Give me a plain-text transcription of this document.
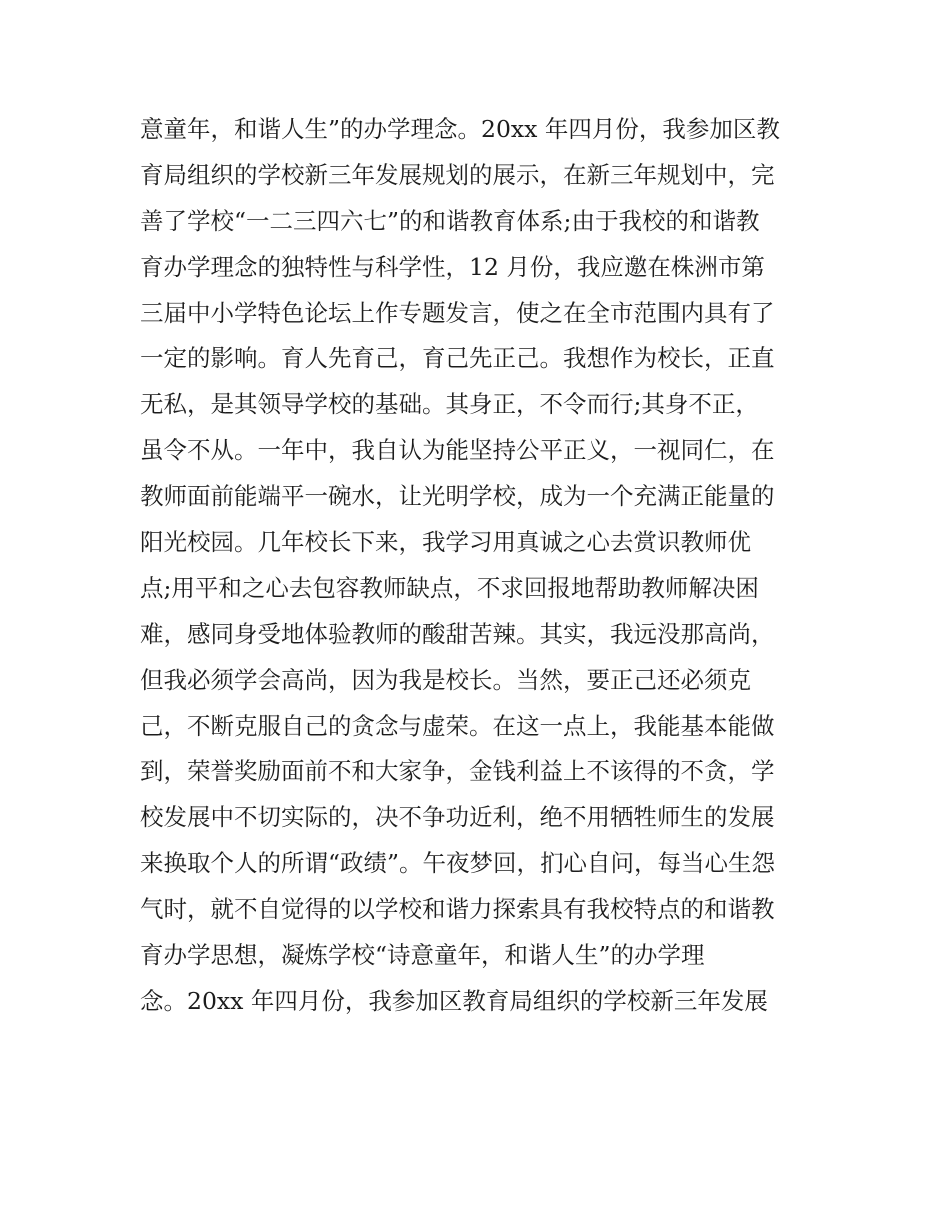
意童年，和谐人生”的办学理念。20xx 年四月份，我参加区教
育局组织的学校新三年发展规划的展示，在新三年规划中，完
善了学校“一二三四六七”的和谐教育体系;由于我校的和谐教
育办学理念的独特性与科学性，12 月份，我应邀在株洲市第
三届中小学特色论坛上作专题发言，使之在全市范围内具有了
一定的影响。育人先育己，育己先正己。我想作为校长，正直
无私，是其领导学校的基础。其身正，不令而行;其身不正，
虽令不从。一年中，我自认为能坚持公平正义，一视同仁，在
教师面前能端平一碗水，让光明学校，成为一个充满正能量的
阳光校园。几年校长下来，我学习用真诚之心去赏识教师优
点;用平和之心去包容教师缺点，不求回报地帮助教师解决困
难，感同身受地体验教师的酸甜苦辣。其实，我远没那高尚，
但我必须学会高尚，因为我是校长。当然，要正己还必须克
己，不断克服自己的贪念与虚荣。在这一点上，我能基本能做
到，荣誉奖励面前不和大家争，金钱利益上不该得的不贪，学
校发展中不切实际的，决不争功近利，绝不用牺牲师生的发展
来换取个人的所谓“政绩”。午夜梦回，扪心自问，每当心生怨
气时，就不自觉得的以学校和谐力探索具有我校特点的和谐教
育办学思想，凝炼学校“诗意童年，和谐人生”的办学理
念。20xx 年四月份，我参加区教育局组织的学校新三年发展
